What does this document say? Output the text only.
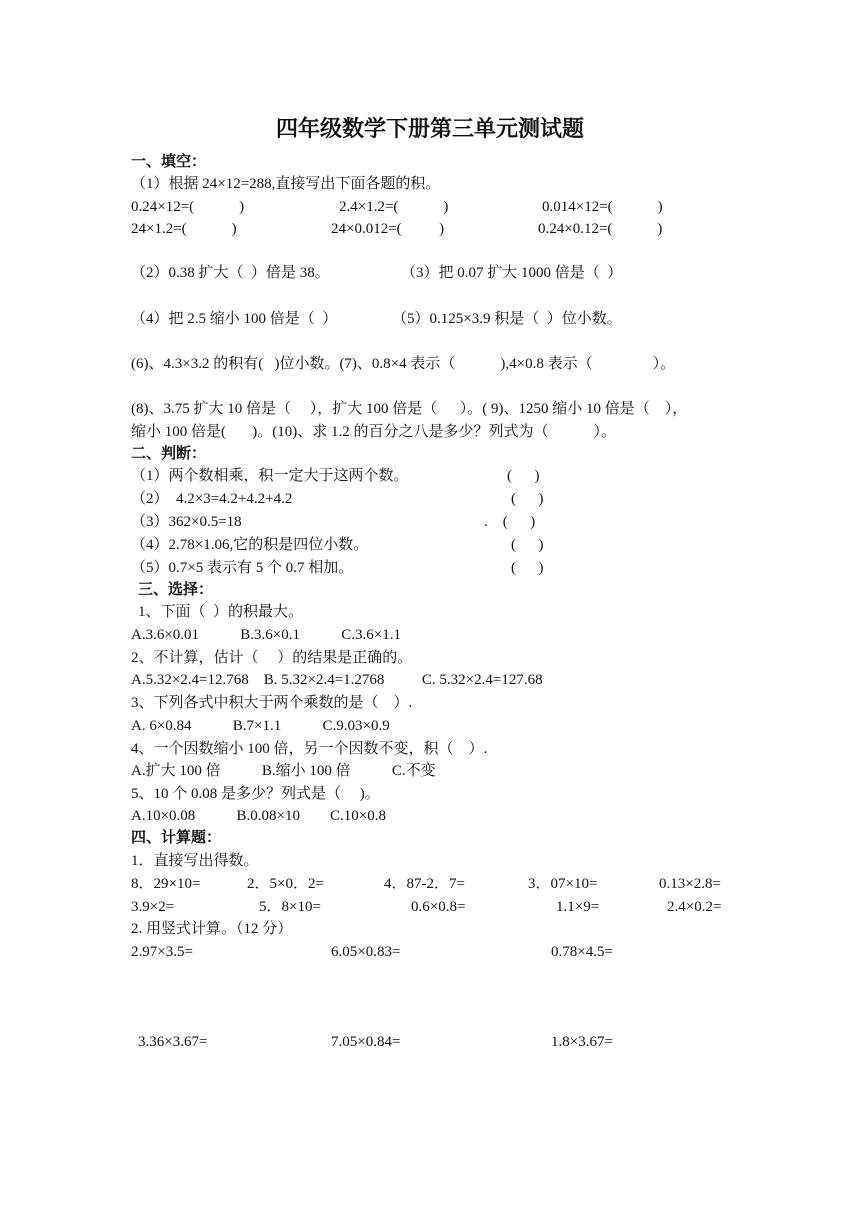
四年级数学下册第三单元测试题
一、填空：
（1）根据 24×12=288,直接写出下面各题的积。
0.24×12=(            )	2.4×1.2=(            )	0.014×12=(            )
24×1.2=(            )	24×0.012=(          )	0.24×0.12=(            )
（2）0.38 扩大（  ）倍是 38。	（3）把 0.07 扩大 1000 倍是（  ）
（4）把 2.5 缩小 100 倍是（  ）	（5）0.125×3.9 积是（  ）位小数。
(6)、4.3×3.2 的积有(   )位小数。(7)、0.8×4 表示（            ),4×0.8 表示（                ）。
(8)、3.75 扩大 10 倍是（     ），扩大 100 倍是（      ）。( 9)、1250 缩小 10 倍是（    ），
缩小 100 倍是(       )。(10)、求 1.2 的百分之八是多少？列式为（            ）。
二、判断：
（1）两个数相乘，积一定大于这两个数。	(      )
（2）  4.2×3=4.2+4.2+4.2	(      )
（3）362×0.5=18	.    (      )
（4）2.78×1.06,它的积是四位小数。	(      )
（5）0.7×5 表示有 5 个 0.7 相加。	(      )
三、选择：
1、下面（  ）的积最大。
A.3.6×0.01           B.3.6×0.1           C.3.6×1.1
2、不计算，估计（     ）的结果是正确的。
A.5.32×2.4=12.768    B. 5.32×2.4=1.2768          C. 5.32×2.4=127.68
3、下列各式中积大于两个乘数的是（    ）.
A. 6×0.84           B.7×1.1           C.9.03×0.9
4、一个因数缩小 100 倍，另一个因数不变，积（    ）.
A.扩大 100 倍           B.缩小 100 倍           C.不变
5、10 个 0.08 是多少？列式是（     )。
A.10×0.08           B.0.08×10        C.10×0.8
四、计算题：
1．直接写出得数。
8．29×10=	2．5×0．2=	4．87-2．7=	3．07×10=	0.13×2.8=
3.9×2=	5．8×10=	0.6×0.8=	1.1×9=	2.4×0.2=
2. 用竖式计算。（12 分）
2.97×3.5=	6.05×0.83=	0.78×4.5=
3.36×3.67=	7.05×0.84=	1.8×3.67=
